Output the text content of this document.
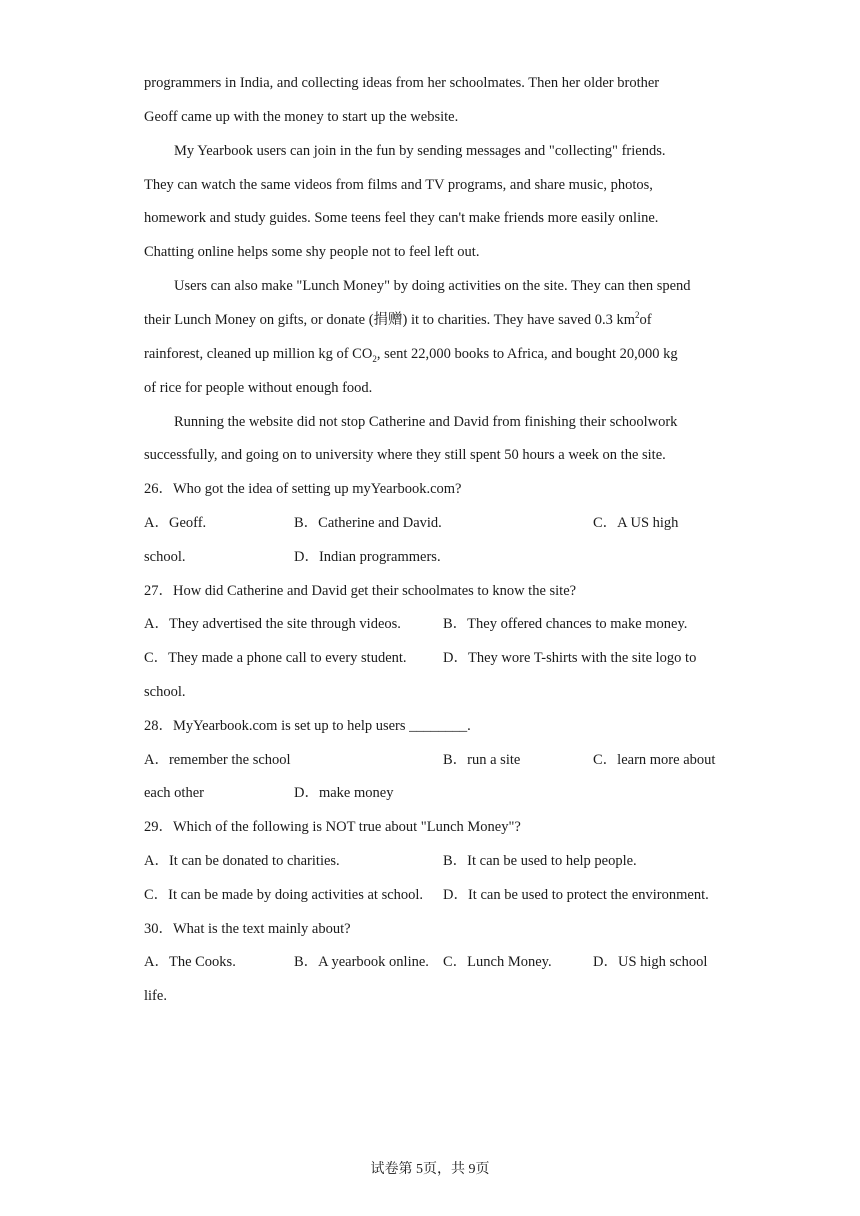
programmers in India, and collecting ideas from her schoolmates. Then her older brother
Geoff came up with the money to start up the website.
My Yearbook users can join in the fun by sending messages and "collecting" friends.
They can watch the same videos from films and TV programs, and share music, photos,
homework and study guides. Some teens feel they can't make friends more easily online.
Chatting online helps some shy people not to feel left out.
Users can also make "Lunch Money" by doing activities on the site. They can then spend
their Lunch Money on gifts, or donate (捐赠) it to charities. They have saved 0.3 $km^2of$
rainforest, cleaned up million kg of $CO_2$, sent 22,000 books to Africa, and bought 20,000 kg
of rice for people without enough food.
Running the website did not stop Catherine and David from finishing their schoolwork
successfully, and going on to university where they still spent 50 hours a week on the site.
26．Who got the idea of setting up myYearbook.com?
A．Geoff.	B．Catherine and David.	C．A US high
school.	D．Indian programmers.
27．How did Catherine and David get their schoolmates to know the site?
A．They advertised the site through videos.	B．They offered chances to make money.
C．They made a phone call to every student.	D．They wore T-shirts with the site logo to
school.
28．MyYearbook.com is set up to help users ________.
A．remember the school	B．run a site	C．learn more about
each other	D．make money
29．Which of the following is NOT true about "Lunch Money"?
A．It can be donated to charities.	B．It can be used to help people.
C．It can be made by doing activities at school. D．It can be used to protect the environment.
30．What is the text mainly about?
A．The Cooks.	B．A yearbook online. C．Lunch Money.	D．US high school
life.
试卷第 5页，共 9页
